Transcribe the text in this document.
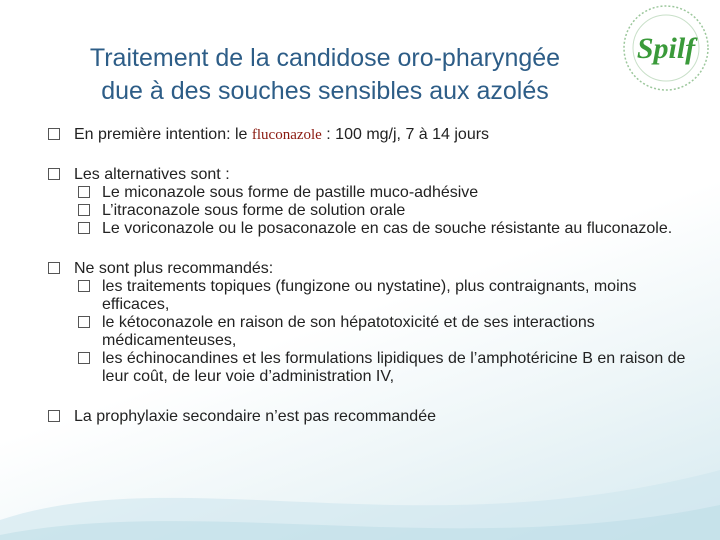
Traitement de la candidose oro-pharyngée
due à des souches sensibles aux azolés
Spilf
En première intention: le fluconazole : 100 mg/j, 7 à 14 jours
Les alternatives sont :
Le miconazole sous forme de pastille muco-adhésive
L’itraconazole sous forme de solution orale
Le voriconazole ou le posaconazole en cas de souche résistante au fluconazole.
Ne sont plus recommandés:
les traitements topiques (fungizone ou nystatine), plus contraignants, moins efficaces,
le kétoconazole en raison de son hépatotoxicité et de ses interactions médicamenteuses,
les échinocandines et les formulations lipidiques de l’amphotéricine B en raison de leur coût, de leur voie d’administration IV,
La prophylaxie secondaire n’est pas recommandée
